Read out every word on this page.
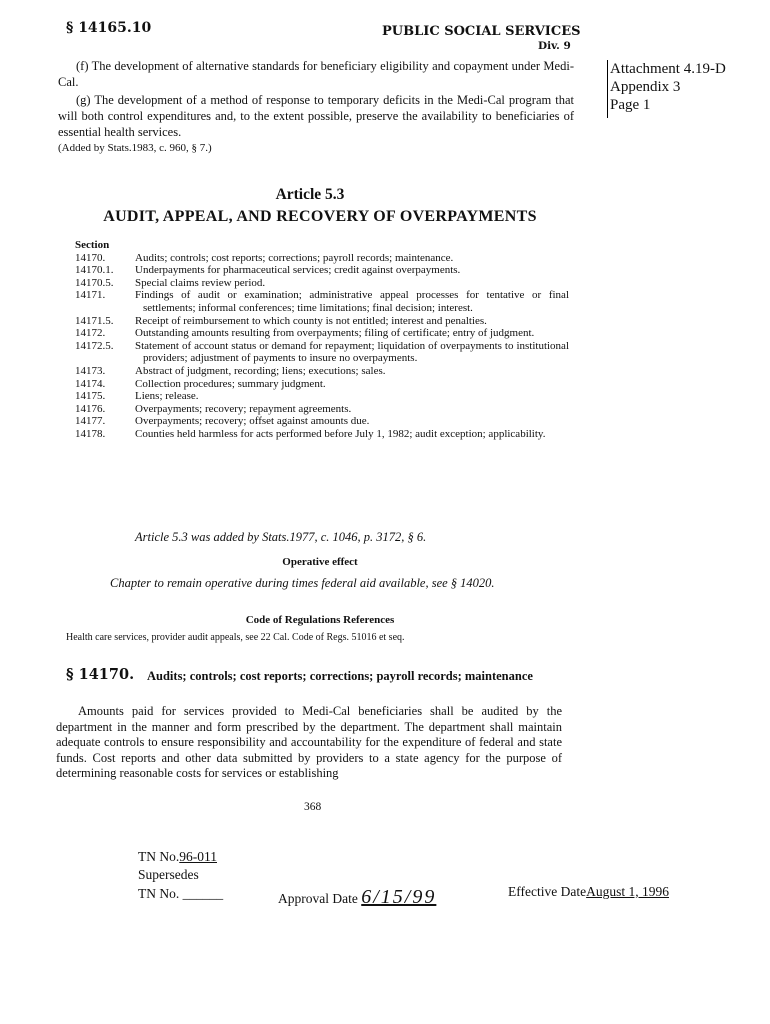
§ 14165.10	PUBLIC SOCIAL SERVICES
Div. 9
Attachment 4.19-D
Appendix 3
Page 1

(f) The development of alternative standards for beneficiary eligibility and copayment under Medi-Cal.

(g) The development of a method of response to temporary deficits in the Medi-Cal program that will both control expenditures and, to the extent possible, preserve the availability to beneficiaries of essential health services.

(Added by Stats.1983, c. 960, § 7.)

Article 5.3
AUDIT, APPEAL, AND RECOVERY OF OVERPAYMENTS
Section
14170.	Audits; controls; cost reports; corrections; payroll records; maintenance.
14170.1.	Underpayments for pharmaceutical services; credit against overpayments.
14170.5.	Special claims review period.
14171.	Findings of audit or examination; administrative appeal processes for tentative or final settlements; informal conferences; time limitations; final decision; interest.
14171.5.	Receipt of reimbursement to which county is not entitled; interest and penalties.
14172.	Outstanding amounts resulting from overpayments; filing of certificate; entry of judgment.
14172.5.	Statement of account status or demand for repayment; liquidation of overpayments to institutional providers; adjustment of payments to insure no overpayments.
14173.	Abstract of judgment, recording; liens; executions; sales.
14174.	Collection procedures; summary judgment.
14175.	Liens; release.
14176.	Overpayments; recovery; repayment agreements.
14177.	Overpayments; recovery; offset against amounts due.
14178.	Counties held harmless for acts performed before July 1, 1982; audit exception; applicability.
Article 5.3 was added by Stats.1977, c. 1046, p. 3172, § 6.
Operative effect
Chapter to remain operative during times federal aid available, see § 14020.
Code of Regulations References
Health care services, provider audit appeals, see 22 Cal. Code of Regs. 51016 et seq.
§ 14170. Audits; controls; cost reports; corrections; payroll records; maintenance
Amounts paid for services provided to Medi-Cal beneficiaries shall be audited by the department in the manner and form prescribed by the department. The department shall maintain adequate controls to ensure responsibility and accountability for the expenditure of federal and state funds. Cost reports and other data submitted by providers to a state agency for the purpose of determining reasonable costs for services or establishing
368
TN No.96-011
Supersedes
TN No. ______	Approval Date 6/15/99	Effective DateAugust 1, 1996
